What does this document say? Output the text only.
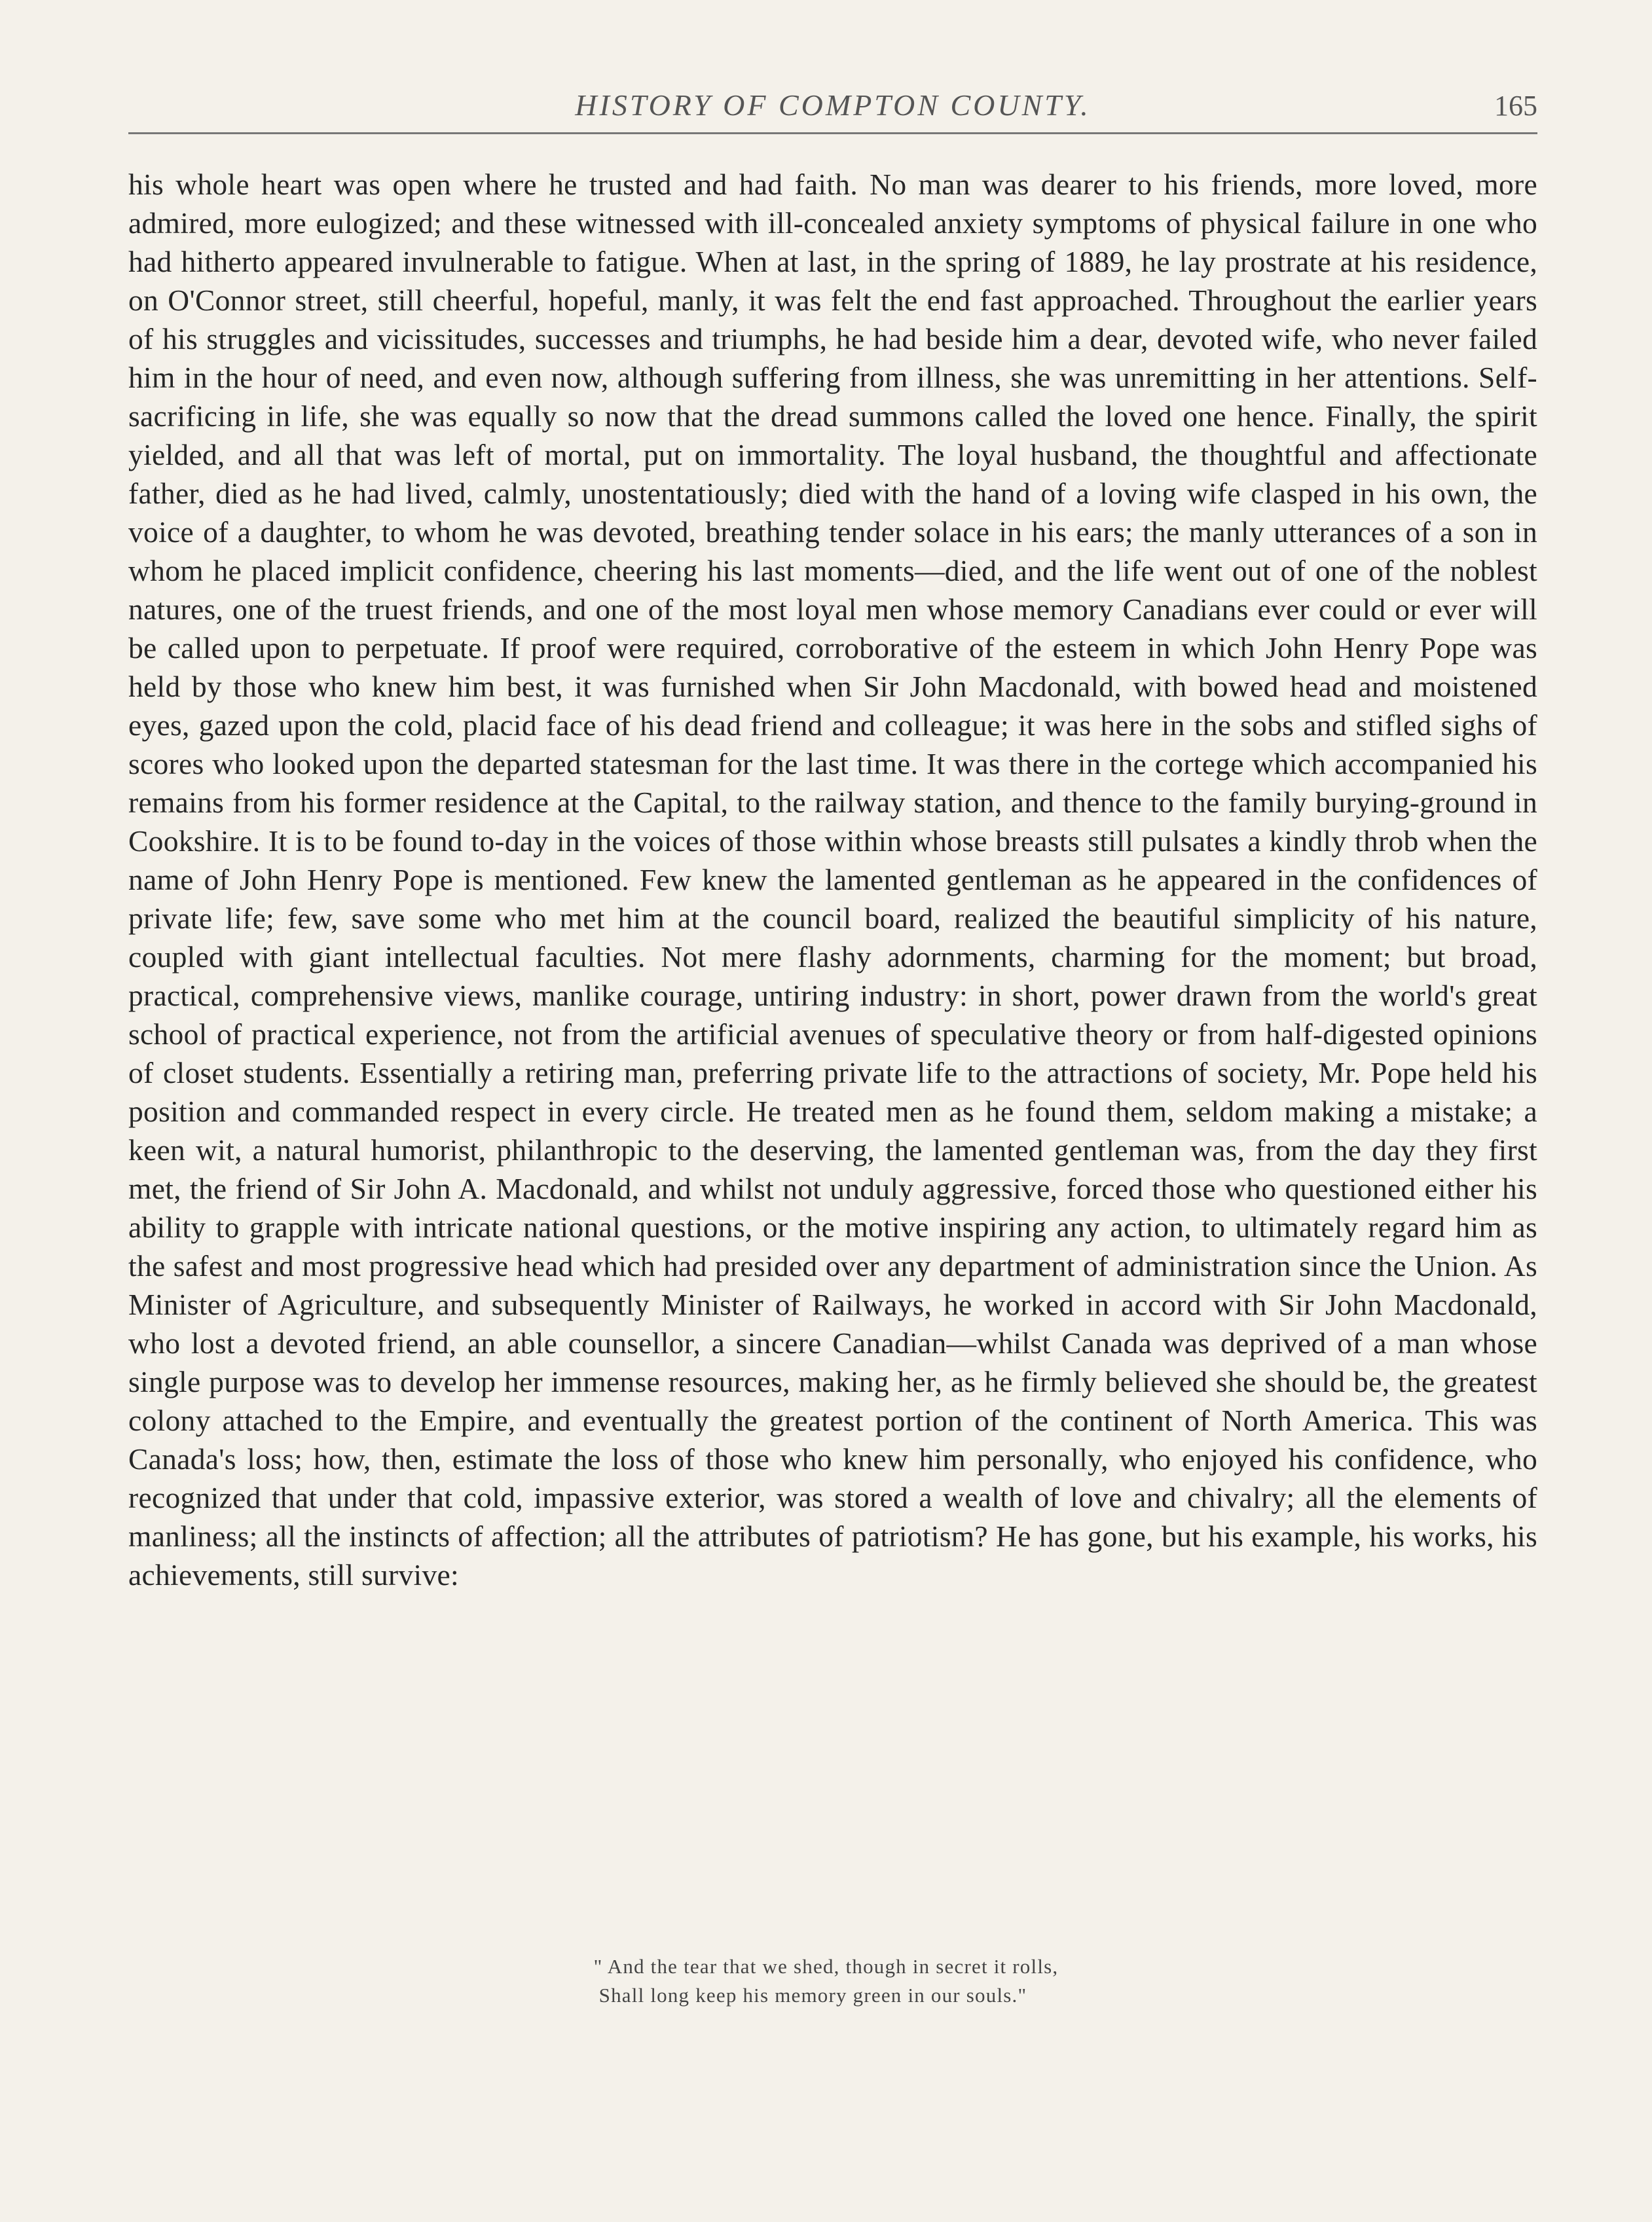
HISTORY OF COMPTON COUNTY.	165

his whole heart was open where he trusted and had faith. No man was dearer to his friends, more loved, more admired, more eulogized; and these witnessed with ill-concealed anxiety symptoms of physical failure in one who had hitherto appeared invulnerable to fatigue. When at last, in the spring of 1889, he lay prostrate at his residence, on O'Connor street, still cheerful, hopeful, manly, it was felt the end fast approached. Throughout the earlier years of his struggles and vicissitudes, successes and triumphs, he had beside him a dear, devoted wife, who never failed him in the hour of need, and even now, although suffering from illness, she was unremitting in her attentions. Self-sacrificing in life, she was equally so now that the dread summons called the loved one hence. Finally, the spirit yielded, and all that was left of mortal, put on immortality. The loyal husband, the thoughtful and affectionate father, died as he had lived, calmly, unostentatiously; died with the hand of a loving wife clasped in his own, the voice of a daughter, to whom he was devoted, breathing tender solace in his ears; the manly utterances of a son in whom he placed implicit confidence, cheering his last moments—died, and the life went out of one of the noblest natures, one of the truest friends, and one of the most loyal men whose memory Canadians ever could or ever will be called upon to perpetuate. If proof were required, corroborative of the esteem in which John Henry Pope was held by those who knew him best, it was furnished when Sir John Macdonald, with bowed head and moistened eyes, gazed upon the cold, placid face of his dead friend and colleague; it was here in the sobs and stifled sighs of scores who looked upon the departed statesman for the last time. It was there in the cortege which accompanied his remains from his former residence at the Capital, to the railway station, and thence to the family burying-ground in Cookshire. It is to be found to-day in the voices of those within whose breasts still pulsates a kindly throb when the name of John Henry Pope is mentioned. Few knew the lamented gentleman as he appeared in the confidences of private life; few, save some who met him at the council board, realized the beautiful simplicity of his nature, coupled with giant intellectual faculties. Not mere flashy adornments, charming for the moment; but broad, practical, comprehensive views, manlike courage, untiring industry: in short, power drawn from the world's great school of practical experience, not from the artificial avenues of speculative theory or from half-digested opinions of closet students. Essentially a retiring man, preferring private life to the attractions of society, Mr. Pope held his position and commanded respect in every circle. He treated men as he found them, seldom making a mistake; a keen wit, a natural humorist, philanthropic to the deserving, the lamented gentleman was, from the day they first met, the friend of Sir John A. Macdonald, and whilst not unduly aggressive, forced those who questioned either his ability to grapple with intricate national questions, or the motive inspiring any action, to ultimately regard him as the safest and most progressive head which had presided over any department of administration since the Union. As Minister of Agriculture, and subsequently Minister of Railways, he worked in accord with Sir John Macdonald, who lost a devoted friend, an able counsellor, a sincere Canadian—whilst Canada was deprived of a man whose single purpose was to develop her immense resources, making her, as he firmly believed she should be, the greatest colony attached to the Empire, and eventually the greatest portion of the continent of North America. This was Canada's loss; how, then, estimate the loss of those who knew him personally, who enjoyed his confidence, who recognized that under that cold, impassive exterior, was stored a wealth of love and chivalry; all the elements of manliness; all the instincts of affection; all the attributes of patriotism? He has gone, but his example, his works, his achievements, still survive:

" And the tear that we shed, though in secret it rolls,
Shall long keep his memory green in our souls."
